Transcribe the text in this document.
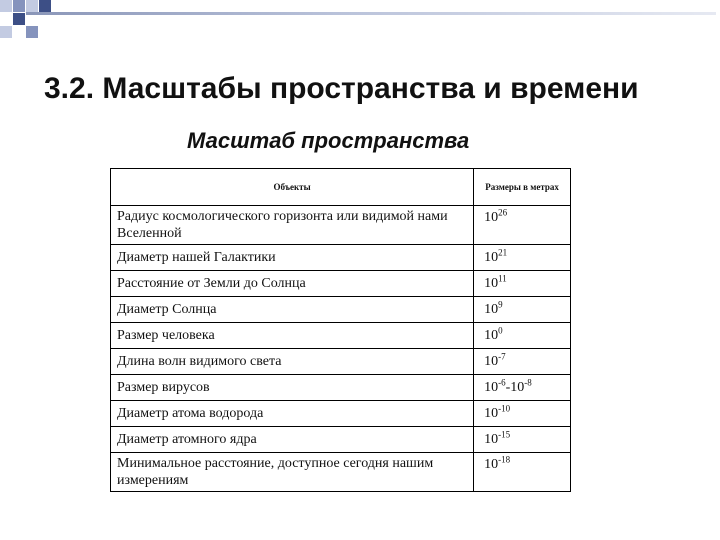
3.2. Масштабы пространства и времени
Масштаб пространства
Объекты	Размеры в метрах
Радиус космологического горизонта или видимой нами Вселенной	$10^{26}$
Диаметр нашей Галактики	$10^{21}$
Расстояние от Земли до Солнца	$10^{11}$
Диаметр Солнца	$10^9$
Размер человека	$10^0$
Длина волн видимого света	$10^{-7}$
Размер вирусов	$10^{-6}-10^{-8}$
Диаметр атома водорода	$10^{-10}$
Диаметр атомного ядра	$10^{-15}$
Минимальное расстояние, доступное сегодня нашим измерениям	$10^{-18}$
